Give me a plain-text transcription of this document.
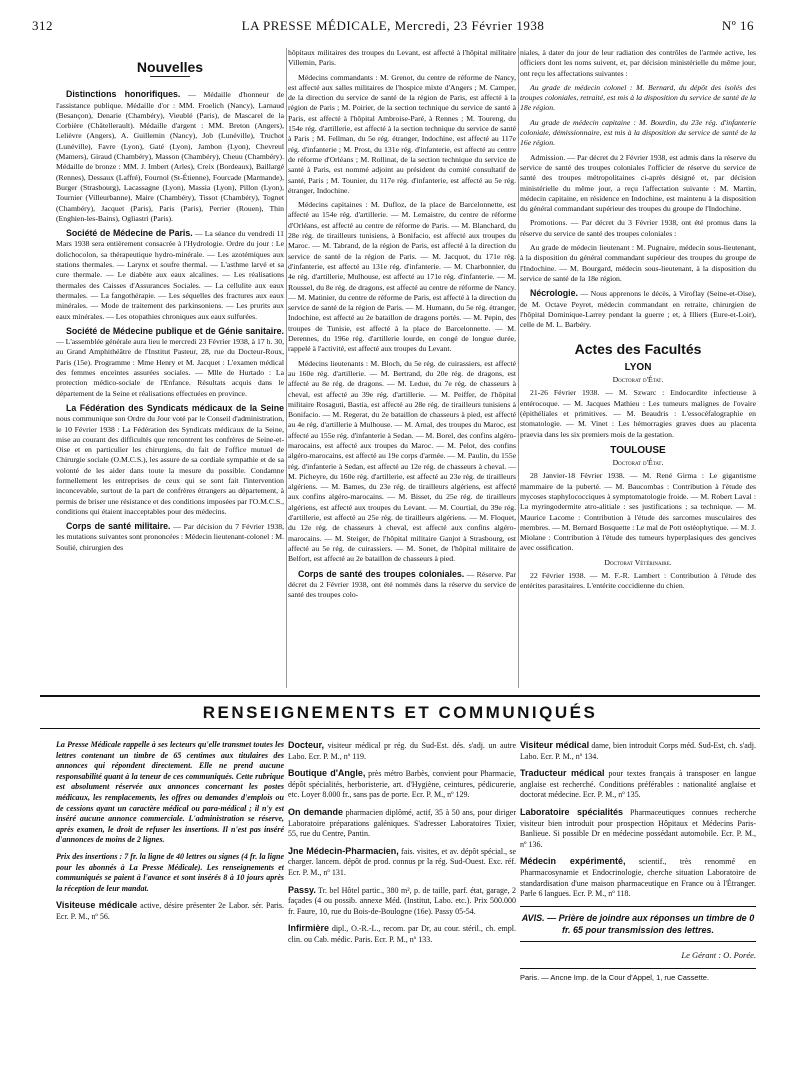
312	LA PRESSE MÉDICALE, Mercredi, 23 Février 1938	Nº 16
Nouvelles

Distinctions honorifiques. — Médaille d'honneur de l'assistance publique. Médaille d'or : MM. Froelich (Nancy), Larnaud (Besançon), Denarie (Chambéry), Vieublé (Paris), de Mascarel de la Corbière (Châtellerault). Médaille d'argent : MM. Breton (Angers), Lelièvre (Angers), A. Guillemin (Nancy), Job (Lunéville), Truchot (Lunéville), Favre (Lyon), Gaté (Lyon), Jambon (Lyon), Chevreul (Mamers), Giraud (Chambéry), Masson (Chambéry), Cheuu (Chambéry). Médaille de bronze : MM. J. Imbert (Arles), Creix (Bordeaux), Baillargé (Rennes), Dessaux (Laffré), Fournol (St-Étienne), Fourcade (Marmande), Burger (Strasbourg), Lacassagne (Lyon), Massia (Lyon), Pillon (Lyon), Tournier (Villeurbanne), Maire (Chambéry), Tissot (Chambéry), Tognet (Chambéry), Jacquet (Paris), Paris (Paris), Perrier (Rouen), Thin (Enghien-les-Bains), Ogliastri (Paris).

Société de Médecine de Paris. — La séance du vendredi 11 Mars 1938 sera entièrement consacrée à l'Hydrologie. Ordre du jour : Le dolichocolon, sa thérapeutique hydro-minérale. — Les azotémiques aux stations thermales. — Larynx et soufre thermal. — L'asthme larvé et sa cure thermale. — Le diabète aux eaux alcalines. — Les réalisations thermales des Caisses d'Assurances Sociales. — La cellulite aux eaux thermales. — La fangothérapie. — Les séquelles des fractures aux eaux minérales. — Mode de traitement des parkinsoniens. — Les prurits aux eaux minérales. — Les otopathies chroniques aux eaux sulfurées.

Société de Médecine publique et de Génie sanitaire. — L'assemblée générale aura lieu le mercredi 23 Février 1938, à 17 h. 30, au Grand Amphithéâtre de l'Institut Pasteur, 28, rue du Docteur-Roux, Paris (15e). Programme : Mme Henry et M. Jacquet : L'examen médical des femmes enceintes assurées sociales. — Mlle de Hurtado : La protection médico-sociale de l'Enfance. Résultats acquis dans le département de la Seine et réalisations effectuées en province.

La Fédération des Syndicats médicaux de la Seine nous communique son Ordre du Jour voté par le Conseil d'administration, le 10 Février 1938 : La Fédération des Syndicats médicaux de la Seine, mise au courant des difficultés que rencontrent les confrères de Seine-et-Oise et en particulier les chirurgiens, du fait de l'office mutuel de Chirurgie sociale (O.M.C.S.), les assure de sa cordiale sympathie et de sa volonté de les aider dans toute la mesure du possible. Condamne formellement les entreprises de ceux qui se sont fait l'intervention inconcevable, surtout de la part de confrères étrangers au département, à permis de briser une résistance et des conditions imposées par l'O.M.C.S., conditions qui étaient inacceptables pour des médecins.

Corps de santé militaire. — Par décision du 7 Février 1938, les mutations suivantes sont prononcées : Médecin lieutenant-colonel : M. Soulié, chirurgien des

hôpitaux militaires des troupes du Levant, est affecté à l'hôpital militaire Villemin, Paris.

Médecins commandants : M. Grenot, du centre de réforme de Nancy, est affecté aux salles militaires de l'hospice mixte d'Angers ; M. Camper, de la direction du service de santé de la région de Paris, est affecté à la région de Paris ; M. Poirier, de la section technique du service de santé à Paris, est affecté à l'hôpital Ambroise-Paré, à Rennes ; M. Toureng, du 154e rég. d'artillerie, est affecté à la section technique du service de santé à Paris ; M. Fellman, du 5e rég. étranger, Indochine, est affecté au 117e rég. d'infanterie ; M. Prost, du 131e rég. d'infanterie, est affecté au centre de réforme d'Orléans ; M. Rollinat, de la section technique du service de santé à Paris, est nommé adjoint au président du comité consultatif de santé, Paris ; M. Tounier, du 117e rég. d'infanterie, est affecté au 5e rég. étranger, Indochine.

Médecins capitaines : M. Dufloz, de la place de Barcelonnette, est affecté au 154e rég. d'artillerie. — M. Lemaistre, du centre de réforme d'Orléans, est affecté au centre de réforme de Paris. — M. Blanchard, du 28e rég. de tirailleurs tunisiens, à Bonifacio, est affecté aux troupes du Maroc. — M. Tabrand, de la région de Paris, est affecté à la direction du service de santé de la région de Paris. — M. Jacquot, du 171e rég. d'infanterie, est affecté au 131e rég. d'infanterie. — M. Charbonnier, du 4e rég. d'artillerie, Mulhouse, est affecté au 171e rég. d'infanterie. — M. Roussel, du 8e rég. de dragons, est affecté au centre de réforme de Nancy. — M. Matinier, du centre de réforme de Paris, est affecté à la direction du service de santé de la région de Paris. — M. Humann, du 5e rég. étranger, Indochine, est affecté au 2e bataillon de dragons portés. — M. Pepin, des troupes de Tunisie, est affecté à la place de Barcelonnette. — M. Derennes, du 196e rég. d'artillerie lourde, en congé de longue durée, rappelé à l'activité, est affecté aux troupes du Levant.

Médecins lieutenants : M. Bloch, du 5e rég. de cuirassiers, est affecté au 160e rég. d'artillerie. — M. Bertrand, du 20e rég. de dragons, est affecté au 8e rég. de dragons. — M. Ledue, du 7e rég. de chasseurs à cheval, est affecté au 39e rég. d'artillerie. — M. Peiffer, de l'hôpital militaire Rosaguti, Bastia, est affecté au 28e rég. de tirailleurs tunisiens à Bonifacio. — M. Regerat, du 2e bataillon de chasseurs à pied, est affecté au 4e rég. d'artillerie à Mulhouse. — M. Arnal, des troupes du Maroc, est affecté au 155e rég. d'infanterie à Sedan. — M. Borel, des confins algéro-marocains, est affecté aux troupes du Maroc. — M. Pelot, des confins algéro-marocains, est affecté au 19e corps d'armée. — M. Paulin, du 155e rég. d'infanterie à Sedan, est affecté au 12e rég. de chasseurs à cheval. — M. Picheyre, du 160e rég. d'artillerie, est affecté au 23e rég. de tirailleurs algériens. — M. Bames, du 23e rég. de tirailleurs algériens, est affecté aux confins algéro-marocains. — M. Bisset, du 25e rég. de tirailleurs algériens, est affecté aux troupes du Levant. — M. Courtial, du 39e rég. d'artillerie, est affecté au 25e rég. de tirailleurs algériens. — M. Floquet, du 12e rég. de chasseurs à cheval, est affecté aux confins algéro-marocains. — M. Steiger, de l'hôpital militaire Ganjot à Strasbourg, est affecté au 5e rég. de cuirassiers. — M. Sonet, de l'hôpital militaire de Belfort, est affecté au 2e bataillon de chasseurs à pied.

Corps de santé des troupes coloniales. — Réserve. Par décret du 2 Février 1938, ont été nommés dans la réserve du service de santé des troupes colo-

niales, à dater du jour de leur radiation des contrôles de l'armée active, les officiers dont les noms suivent, et, par décision ministérielle du même jour, ont reçu les affectations suivantes :

Au grade de médecin colonel : M. Bernard, du dépôt des isolés des troupes coloniales, retraité, est mis à la disposition du service de santé de la 18e région.

Au grade de médecin capitaine : M. Bourdin, du 23e rég. d'infanterie coloniale, démissionnaire, est mis à la disposition du service de santé de la 16e région.

Admission. — Par décret du 2 Février 1938, est admis dans la réserve du service de santé des troupes coloniales l'officier de réserve du service de santé des troupes métropolitaines ci-après désigné et, par décision ministérielle du même jour, a reçu l'affectation suivante : M. Martin, médecin capitaine, en résidence en Indochine, est maintenu à la disposition du général commandant supérieur des troupes du groupe de l'Indochine.

Promotions. — Par décret du 3 Février 1938, ont été promus dans la réserve du service de santé des troupes coloniales :

Au grade de médecin lieutenant : M. Pugnaire, médecin sous-lieutenant, à la disposition du général commandant supérieur des troupes du groupe de l'Indochine. — M. Bourgard, médecin sous-lieutenant, à la disposition du service de santé de la 18e région.

Nécrologie. — Nous apprenons le décès, à Viroflay (Seine-et-Oise), de M. Octave Peyret, médecin commandant en retraite, chirurgien de l'hôpital Dominique-Larrey pendant la guerre ; et, à Illiers (Eure-et-Loir), celle de M. L. Barbéry.

Actes des Facultés
LYON
Doctorat d'État.

21-26 Février 1938. — M. Szwarc : Endocardite infectieuse à entérocoque. — M. Jacques Mathieu : Les tumeurs malignes de l'ovaire (épithéliales et primitives. — M. Beaudris : L'essocéfalographie en stomatologie. — M. Vinet : Les hémorragies graves dues au placenta praevia dans les six premiers mois de la gestation.

TOULOUSE
Doctorat d'État.

28 Janvier-18 Février 1938. — M. René Girma : Le gigantisme mammaire de la puberté. — M. Baucombas : Contribution à l'étude des mycoses staphylococciques à symptomatologie froide. — M. Robert Laval : La myringodermite atro-alitiale : ses justifications ; sa technique. — M. Maurice Lacome : Contribution à l'étude des sarcomes musculaires des membres. — M. Bernard Bosquette : Le mal de Pott ostéophytique. — M. J. Miolane : Contribution à l'étude des tumeurs hyperplasiques des gencives avec ossification.

Doctorat Vétérinaire.

22 Février 1938. — M. F.-R. Lambert : Contribution à l'étude des entérites parasitaires. L'entérite coccidienne du chien.

RENSEIGNEMENTS ET COMMUNIQUÉS

La Presse Médicale rappelle à ses lecteurs qu'elle transmet toutes les lettres contenant un timbre de 65 centimes aux titulaires des annonces qui répondent directement. Elle ne prend aucune responsabilité quant à la teneur de ces communiqués. Cette rubrique est absolument réservée aux annonces concernant les postes médicaux, les remplacements, les offres ou demandes d'emplois ou de cessions ayant un caractère médical ou para-médical ; il n'y est inséré aucune annonce commerciale. L'administration se réserve, après examen, le droit de refuser les insertions. Il n'est pas inséré d'annonces de moins de 2 lignes.

Prix des insertions : 7 fr. la ligne de 40 lettres ou signes (4 fr. la ligne pour les abonnés à La Presse Médicale). Les renseignements et communiqués se paient à l'avance et sont insérés 8 à 10 jours après la réception de leur mandat.

Visiteuse médicale active, désire présenter 2e Labor. sér. Paris. Ecr. P. M., nº 56.

Docteur, visiteur médical pr rég. du Sud-Est. dés. s'adj. un autre Labo. Ecr. P. M., nº 119.

Boutique d'Angle, près métro Barbès, convient pour Pharmacie, dépôt spécialités, herboristerie, art. d'Hygiène, ceintures, pédicurerie, etc. Loyer 8.000 fr., sans pas de porte. Ecr. P. M., nº 129.

On demande pharmacien diplômé, actif, 35 à 50 ans, pour diriger Laboratoire préparations galéniques. S'adresser Laboratoires Tixier, 55, rue du Centre, Pantin.

Jne Médecin-Pharmacien, fais. visites, et av. dépôt spécial., se charger. lancem. dépôt de prod. connus pr la rég. Sud-Ouest. Exc. réf. Ecr. P. M., nº 131.

Passy. Tr. bel Hôtel partic., 380 m², p. de taille, parf. état, garage, 2 façades (4 ou possib. annexe Méd. (Institut, Labo. etc.). Prix 500.000 fr. Faure, 10, rue du Bois-de-Boulogne (16e). Passy 05-54.

Infirmière dipl., O.-R.-L., recom. par Dr, au cour. stéril., ch. empl. clin. ou Cab. médic. Paris. Ecr. P. M., nº 133.

Visiteur médical dame, bien introduit Corps méd. Sud-Est, ch. s'adj. Labo. Ecr. P. M., nº 134.

Traducteur médical pour textes français à transposer en langue anglaise est recherché. Conditions préférables : nationalité anglaise et doctorat médecine. Ecr. P. M., nº 135.

Laboratoire spécialités Pharmaceutiques connues recherche visiteur bien introduit pour prospection Hôpitaux et Médecins Paris-Banlieue. Si possible Dr en médecine possédant automobile. Ecr. P. M., nº 136.

Médecin expérimenté, scientif., très renommé en Pharmacosynamie et Endocrinologie, cherche situation Laboratoire de standardisation d'une maison pharmaceutique en France ou à l'Étranger. Parle 6 langues. Ecr. P. M., nº 118.

AVIS. — Prière de joindre aux réponses un timbre de 0 fr. 65 pour transmission des lettres.
Le Gérant : O. Porée.
Paris. — Ancne Imp. de la Cour d'Appel, 1, rue Cassette.
